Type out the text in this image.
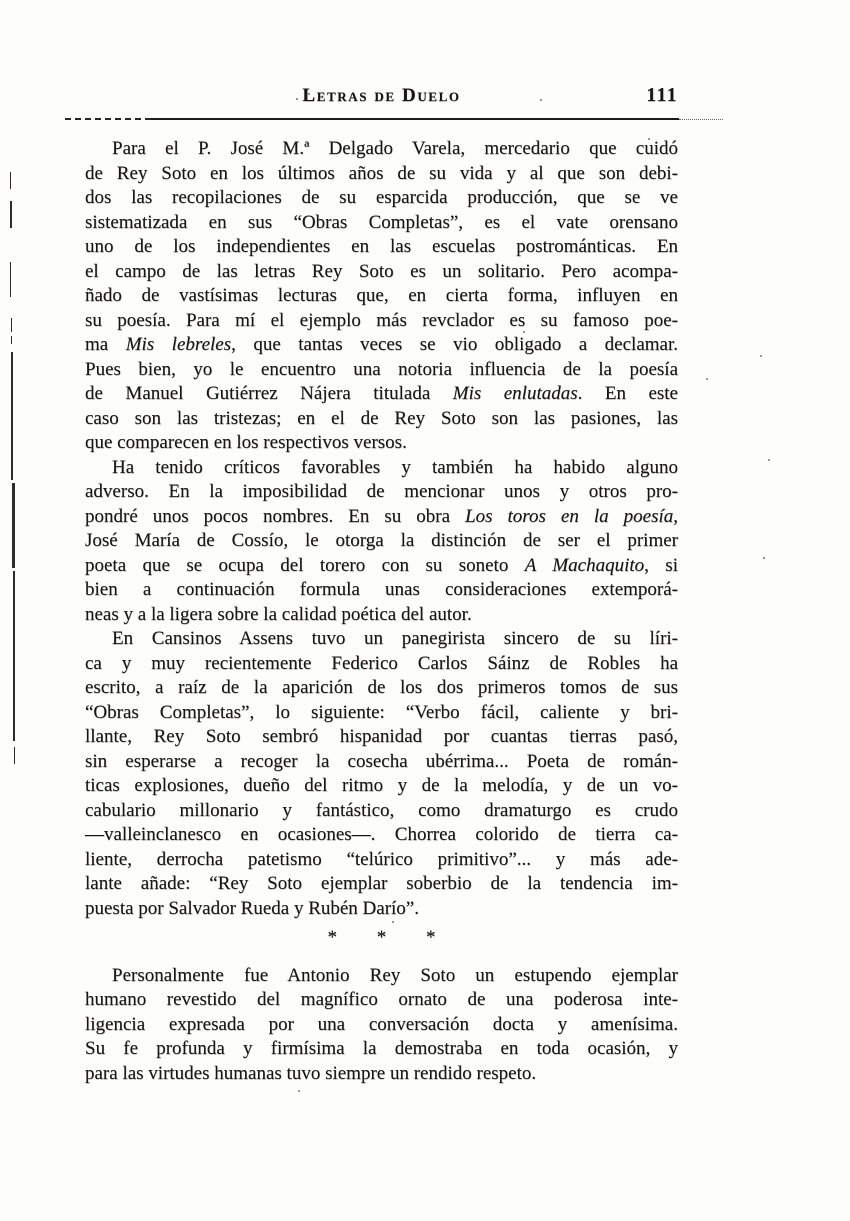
Letras de Duelo	111
Para el P. José M.ª Delgado Varela, mercedario que cuidó
de Rey Soto en los últimos años de su vida y al que son debi-
dos las recopilaciones de su esparcida producción, que se ve
sistematizada en sus “Obras Completas”, es el vate orensano
uno de los independientes en las escuelas postrománticas. En
el campo de las letras Rey Soto es un solitario. Pero acompa-
ñado de vastísimas lecturas que, en cierta forma, influyen en
su poesía. Para mí el ejemplo más revclador es su famoso poe-
ma Mis lebreles, que tantas veces se vio obligado a declamar.
Pues bien, yo le encuentro una notoria influencia de la poesía
de Manuel Gutiérrez Nájera titulada Mis enlutadas. En este
caso son las tristezas; en el de Rey Soto son las pasiones, las
que comparecen en los respectivos versos.
Ha tenido críticos favorables y también ha habido alguno
adverso. En la imposibilidad de mencionar unos y otros pro-
pondré unos pocos nombres. En su obra Los toros en la poesía,
José María de Cossío, le otorga la distinción de ser el primer
poeta que se ocupa del torero con su soneto A Machaquito, si
bien a continuación formula unas consideraciones extemporá-
neas y a la ligera sobre la calidad poética del autor.
En Cansinos Assens tuvo un panegirista sincero de su líri-
ca y muy recientemente Federico Carlos Sáinz de Robles ha
escrito, a raíz de la aparición de los dos primeros tomos de sus
“Obras Completas”, lo siguiente: “Verbo fácil, caliente y bri-
llante, Rey Soto sembró hispanidad por cuantas tierras pasó,
sin esperarse a recoger la cosecha ubérrima... Poeta de román-
ticas explosiones, dueño del ritmo y de la melodía, y de un vo-
cabulario millonario y fantástico, como dramaturgo es crudo
—valleinclanesco en ocasiones—. Chorrea colorido de tierra ca-
liente, derrocha patetismo “telúrico primitivo”... y más ade-
lante añade: “Rey Soto ejemplar soberbio de la tendencia im-
puesta por Salvador Rueda y Rubén Darío”.
* * *
Personalmente fue Antonio Rey Soto un estupendo ejemplar
humano revestido del magnífico ornato de una poderosa inte-
ligencia expresada por una conversación docta y amenísima.
Su fe profunda y firmísima la demostraba en toda ocasión, y
para las virtudes humanas tuvo siempre un rendido respeto.
